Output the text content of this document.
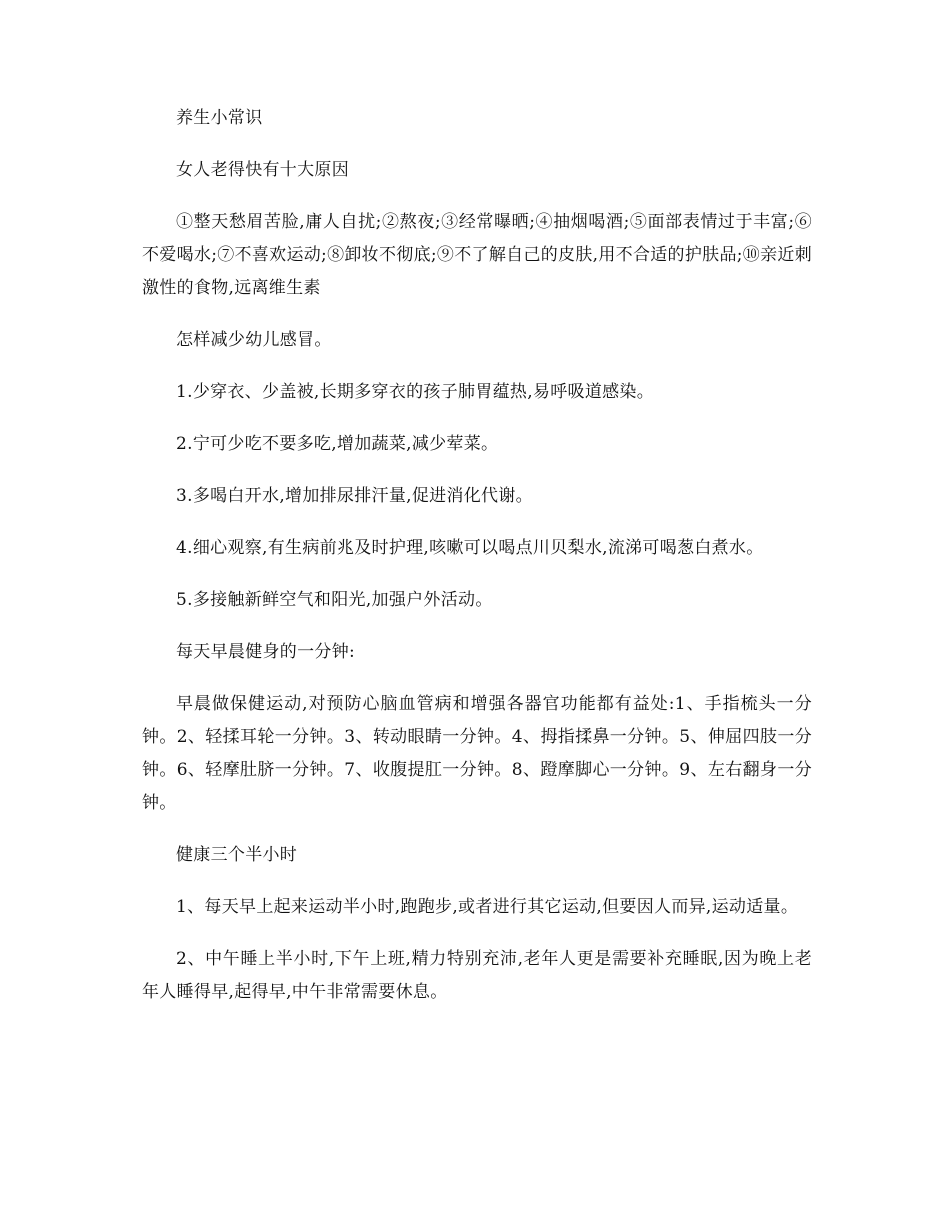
养生小常识

女人老得快有十大原因

①整天愁眉苦脸,庸人自扰;②熬夜;③经常曝晒;④抽烟喝酒;⑤面部表情过于丰富;⑥不爱喝水;⑦不喜欢运动;⑧卸妆不彻底;⑨不了解自己的皮肤,用不合适的护肤品;⑩亲近刺激性的食物,远离维生素

怎样减少幼儿感冒。

1.少穿衣、少盖被,长期多穿衣的孩子肺胃蕴热,易呼吸道感染。

2.宁可少吃不要多吃,增加蔬菜,减少荤菜。

3.多喝白开水,增加排尿排汗量,促进消化代谢。

4.细心观察,有生病前兆及时护理,咳嗽可以喝点川贝梨水,流涕可喝葱白煮水。

5.多接触新鲜空气和阳光,加强户外活动。

每天早晨健身的一分钟:

早晨做保健运动,对预防心脑血管病和增强各器官功能都有益处:1、手指梳头一分钟。2、轻揉耳轮一分钟。3、转动眼睛一分钟。4、拇指揉鼻一分钟。5、伸屈四肢一分钟。6、轻摩肚脐一分钟。7、收腹提肛一分钟。8、蹬摩脚心一分钟。9、左右翻身一分钟。

健康三个半小时

1、每天早上起来运动半小时,跑跑步,或者进行其它运动,但要因人而异,运动适量。

2、中午睡上半小时,下午上班,精力特别充沛,老年人更是需要补充睡眠,因为晚上老年人睡得早,起得早,中午非常需要休息。
